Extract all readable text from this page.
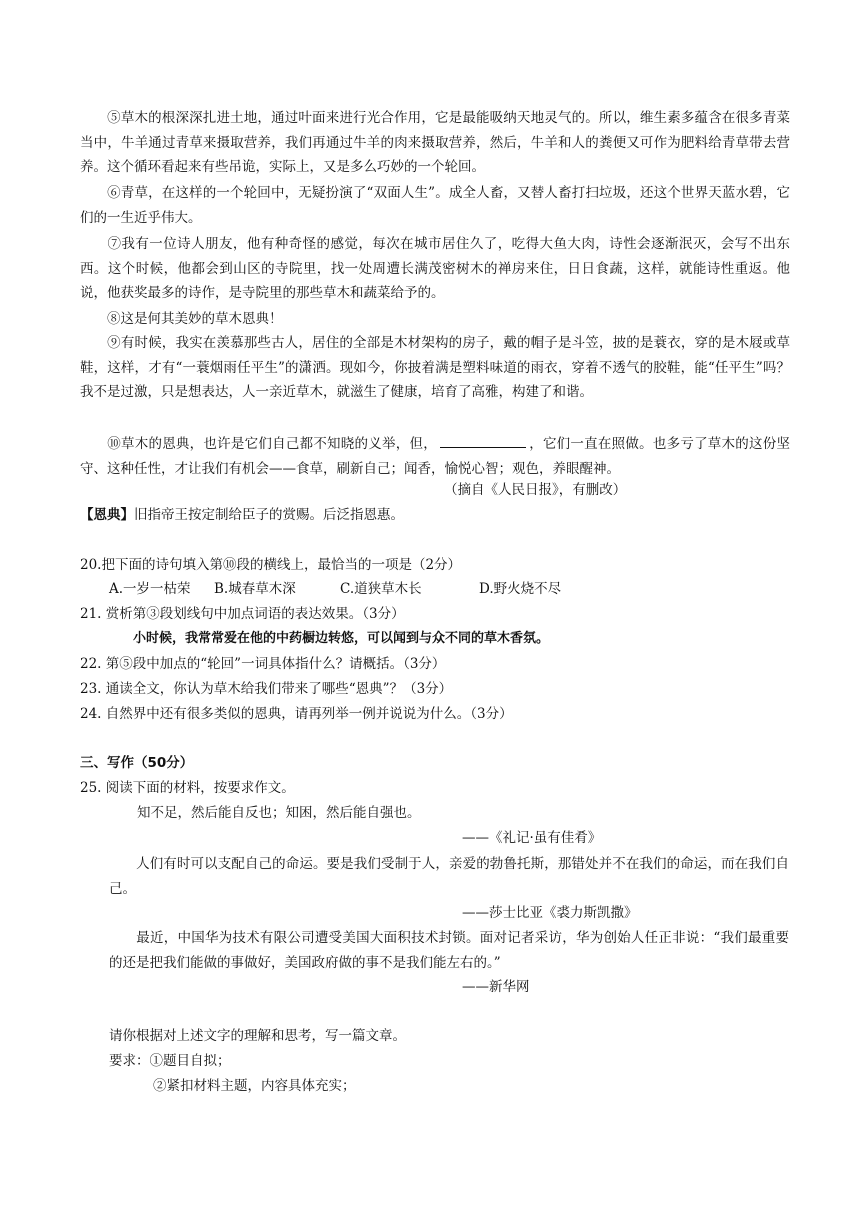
⑤草木的根深深扎进土地，通过叶面来进行光合作用，它是最能吸纳天地灵气的。所以，维生素多蕴含在很多青菜当中，牛羊通过青草来摄取营养，我们再通过牛羊的肉来摄取营养，然后，牛羊和人的粪便又可作为肥料给青草带去营养。这个循环看起来有些吊诡，实际上，又是多么巧妙的一个轮回。

⑥青草，在这样的一个轮回中，无疑扮演了“双面人生”。成全人畜，又替人畜打扫垃圾，还这个世界天蓝水碧，它们的一生近乎伟大。

⑦我有一位诗人朋友，他有种奇怪的感觉，每次在城市居住久了，吃得大鱼大肉，诗性会逐渐泯灭，会写不出东西。这个时候，他都会到山区的寺院里，找一处周遭长满茂密树木的禅房来住，日日食蔬，这样，就能诗性重返。他说，他获奖最多的诗作，是寺院里的那些草木和蔬菜给予的。

⑧这是何其美妙的草木恩典！

⑨有时候，我实在羡慕那些古人，居住的全部是木材架构的房子，戴的帽子是斗笠，披的是蓑衣，穿的是木屐或草鞋，这样，才有“一蓑烟雨任平生”的潇洒。现如今，你披着满是塑料味道的雨衣，穿着不透气的胶鞋，能“任平生”吗？我不是过激，只是想表达，人一亲近草木，就滋生了健康，培育了高雅，构建了和谐。

⑩草木的恩典，也许是它们自己都不知晓的义举，但，	，它们一直在照做。也多亏了草木的这份坚守、这种任性，才让我们有机会——食草，刷新自己；闻香，愉悦心智；观色，养眼醒神。

（摘自《人民日报》，有删改）
【恩典】旧指帝王按定制给臣子的赏赐。后泛指恩惠。
20.把下面的诗句填入第⑩段的横线上，最恰当的一项是（2分）
A.一岁一枯荣 B.城春草木深	C.道狭草木长	D.野火烧不尽
21. 赏析第③段划线句中加点词语的表达效果。（3分）
小时候，我常常爱在他的中药橱边转悠，可以闻到与众不同的草木香氛。
22. 第⑤段中加点的“轮回”一词具体指什么？请概括。（3分）
23. 通读全文，你认为草木给我们带来了哪些“恩典”？（3分）
24. 自然界中还有很多类似的恩典，请再列举一例并说说为什么。（3分）
三、写作（50分）
25. 阅读下面的材料，按要求作文。
知不足，然后能自反也；知困，然后能自强也。
——《礼记·虽有佳肴》

人们有时可以支配自己的命运。要是我们受制于人，亲爱的勃鲁托斯，那错处并不在我们的命运，而在我们自己。

——莎士比亚《裘力斯凯撒》

最近，中国华为技术有限公司遭受美国大面积技术封锁。面对记者采访，华为创始人任正非说：“我们最重要的还是把我们能做的事做好，美国政府做的事不是我们能左右的。”

——新华网
请你根据对上述文字的理解和思考，写一篇文章。
要求：①题目自拟；
②紧扣材料主题，内容具体充实；
